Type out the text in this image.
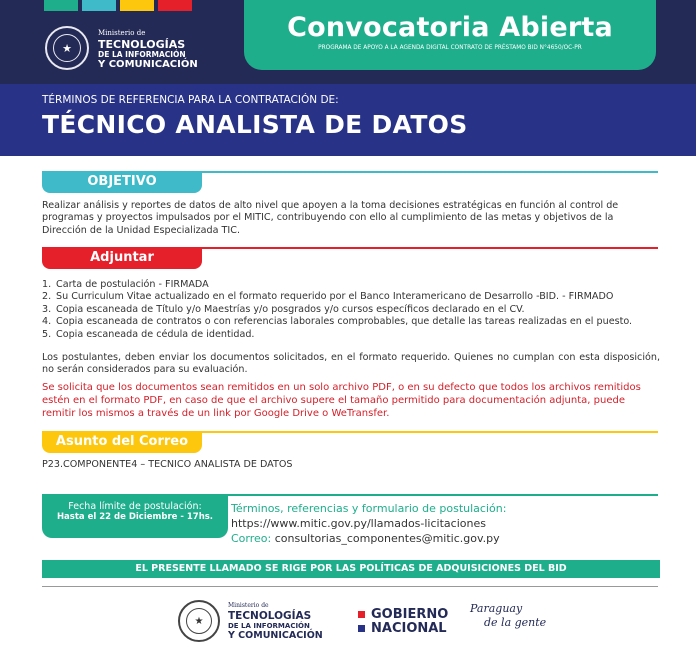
★
Ministerio de
TECNOLOGÍAS
DE LA INFORMACIÓN
Y COMUNICACIÓN
Convocatoria Abierta
PROGRAMA DE APOYO A LA AGENDA DIGITAL CONTRATO DE PRÉSTAMO BID N°4650/OC-PR
TÉRMINOS DE REFERENCIA PARA LA CONTRATACIÓN DE:
TÉCNICO ANALISTA DE DATOS
OBJETIVO
Realizar análisis y reportes de datos de alto nivel que apoyen a la toma decisiones estratégicas en función al control de programas y proyectos impulsados por el MITIC, contribuyendo con ello al cumplimiento de las metas y objetivos de la Dirección de la Unidad Especializada TIC.
Adjuntar
1. Carta de postulación - FIRMADA
2. Su Curriculum Vitae actualizado en el formato requerido por el Banco Interamericano de Desarrollo -BID. - FIRMADO
3. Copia escaneada de Título y/o Maestrías y/o posgrados y/o cursos específicos declarado en el CV.
4. Copia escaneada de contratos o con referencias laborales comprobables, que detalle las tareas realizadas en el puesto.
5. Copia escaneada de cédula de identidad.
Los postulantes, deben enviar los documentos solicitados, en el formato requerido. Quienes no cumplan con esta disposición, no serán considerados para su evaluación.
Se solicita que los documentos sean remitidos en un solo archivo PDF, o en su defecto que todos los archivos remitidos estén en el formato PDF, en caso de que el archivo supere el tamaño permitido para documentación adjunta, puede remitir los mismos a través de un link por Google Drive o WeTransfer.
Asunto del Correo
P23.COMPONENTE4 – TECNICO ANALISTA DE DATOS
Fecha límite de postulación:
Hasta el 22 de Diciembre - 17hs.
Términos, referencias y formulario de postulación:
https://www.mitic.gov.py/llamados-licitaciones
Correo: consultorias_componentes@mitic.gov.py
EL PRESENTE LLAMADO SE RIGE POR LAS POLÍTICAS DE ADQUISICIONES DEL BID
★
Ministerio de
TECNOLOGÍAS
DE LA INFORMACIÓN
Y COMUNICACIÓN
GOBIERNO
NACIONAL
Paraguay
de la gente
